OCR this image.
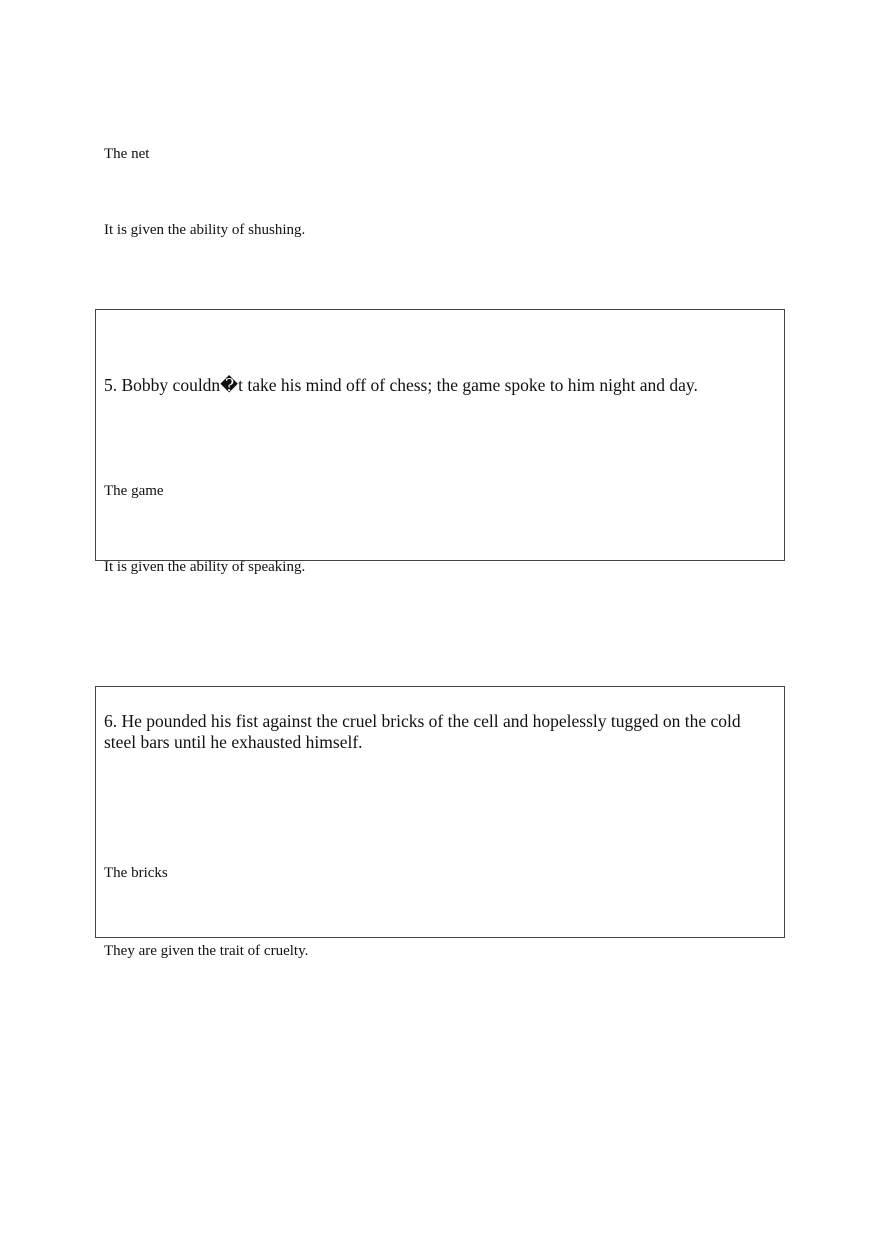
The net
It is given the ability of shushing.
5. Bobby couldn�t take his mind off of chess; the game spoke to him night and day.
The game
It is given the ability of speaking.
6. He pounded his fist against the cruel bricks of the cell and hopelessly tugged on the cold steel bars until he exhausted himself.
The bricks
They are given the trait of cruelty.
